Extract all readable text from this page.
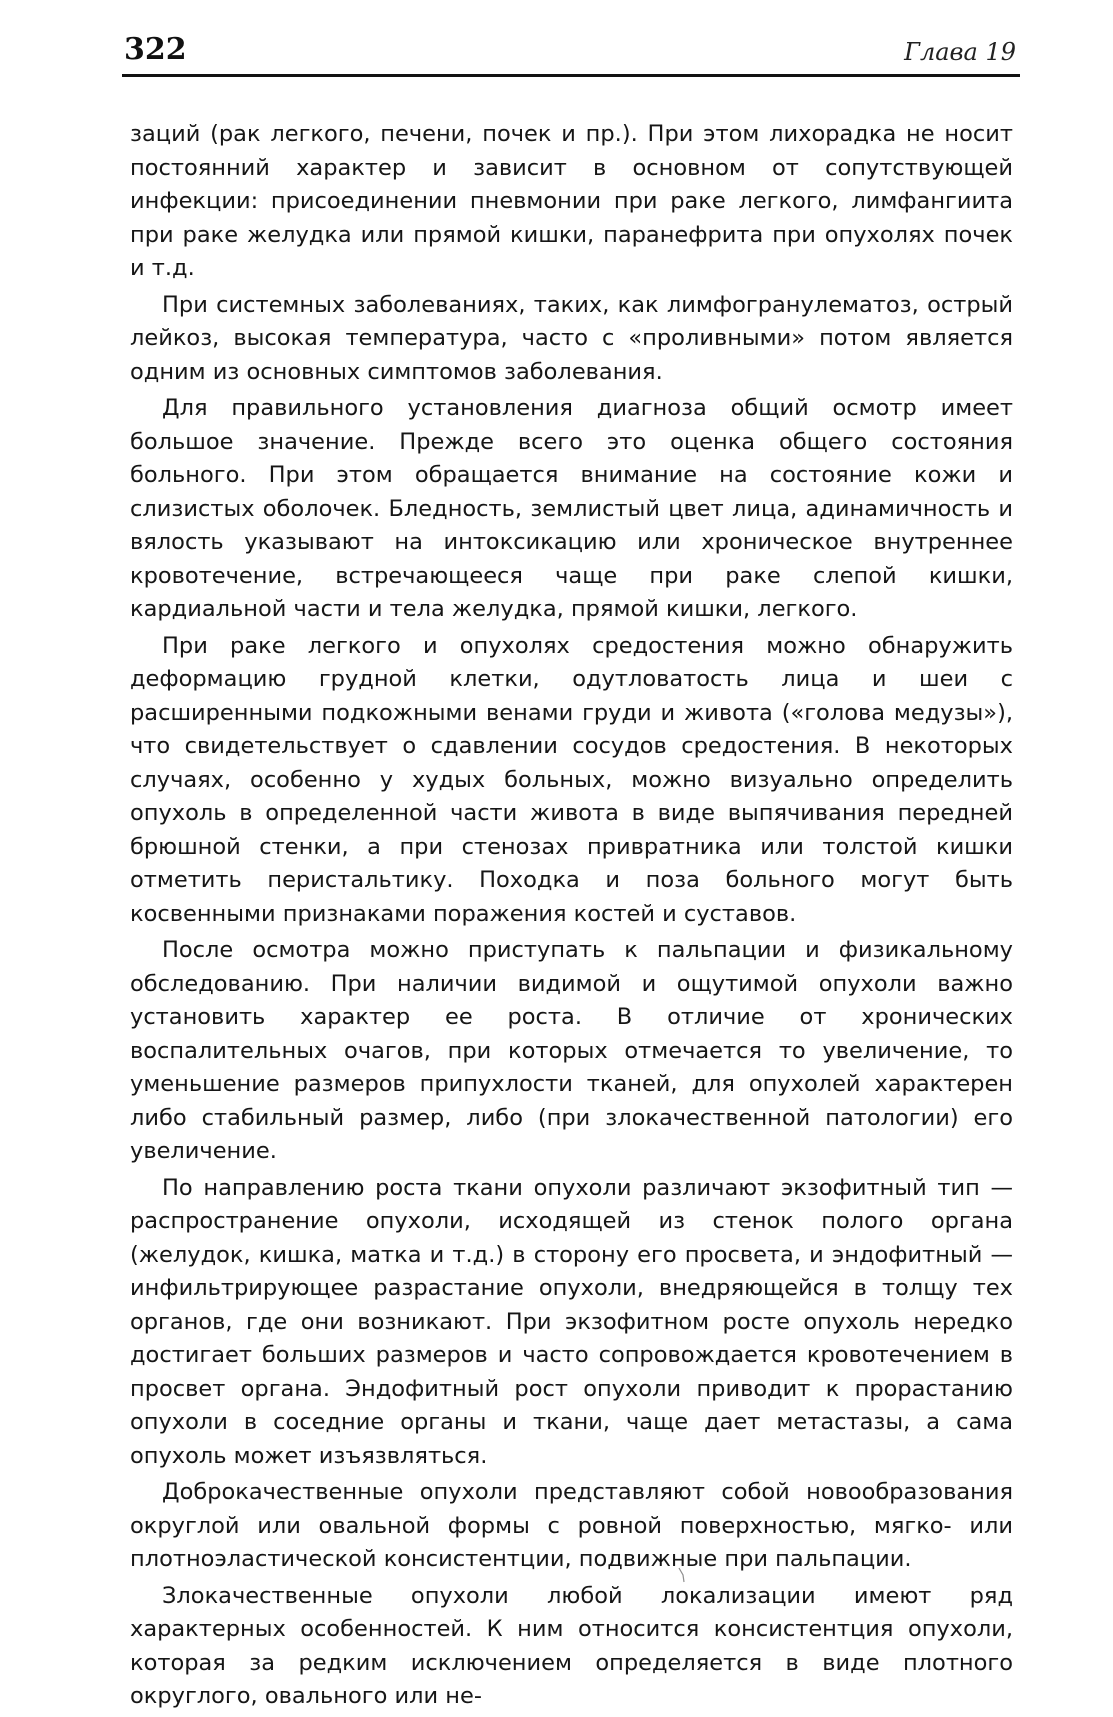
322	Глава 19

заций (рак легкого, печени, почек и пр.). При этом лихорадка не носит постоянний характер и зависит в основном от сопутствующей инфекции: присоединении пневмонии при раке легкого, лимфангиита при раке желудка или прямой кишки, паранефрита при опухолях почек и т.д.

При системных заболеваниях, таких, как лимфогранулематоз, острый лейкоз, высокая температура, часто с «проливными» потом является одним из основных симптомов заболевания.

Для правильного установления диагноза общий осмотр имеет большое значение. Прежде всего это оценка общего состояния больного. При этом обращается внимание на состояние кожи и слизистых оболочек. Бледность, землистый цвет лица, адинамичность и вялость указывают на интоксикацию или хроническое внутреннее кровотечение, встречающееся чаще при раке слепой кишки, кардиальной части и тела желудка, прямой кишки, легкого.

При раке легкого и опухолях средостения можно обнаружить деформацию грудной клетки, одутловатость лица и шеи с расширенными подкожными венами груди и живота («голова медузы»), что свидетельствует о сдавлении сосудов средостения. В некоторых случаях, особенно у худых больных, можно визуально определить опухоль в определенной части живота в виде выпячивания передней брюшной стенки, а при стенозах привратника или толстой кишки отметить перистальтику. Походка и поза больного могут быть косвенными признаками поражения костей и суставов.

После осмотра можно приступать к пальпации и физикальному обследованию. При наличии видимой и ощутимой опухоли важно установить характер ее роста. В отличие от хронических воспалительных очагов, при которых отмечается то увеличение, то уменьшение размеров припухлости тканей, для опухолей характерен либо стабильный размер, либо (при злокачественной патологии) его увеличение.

По направлению роста ткани опухоли различают экзофитный тип — распространение опухоли, исходящей из стенок полого органа (желудок, кишка, матка и т.д.) в сторону его просвета, и эндофитный — инфильтрирующее разрастание опухоли, внедряющейся в толщу тех органов, где они возникают. При экзофитном росте опухоль нередко достигает больших размеров и часто сопровождается кровотечением в просвет органа. Эндофитный рост опухоли приводит к прорастанию опухоли в соседние органы и ткани, чаще дает метастазы, а сама опухоль может изъязвляться.

Доброкачественные опухоли представляют собой новообразования округлой или овальной формы с ровной поверхностью, мягко- или плотноэластической консистентции, подвижные при пальпации.

Злокачественные опухоли любой локализации имеют ряд характерных особенностей. К ним относится консистентция опухоли, которая за редким исключением определяется в виде плотного округлого, овального или не-
